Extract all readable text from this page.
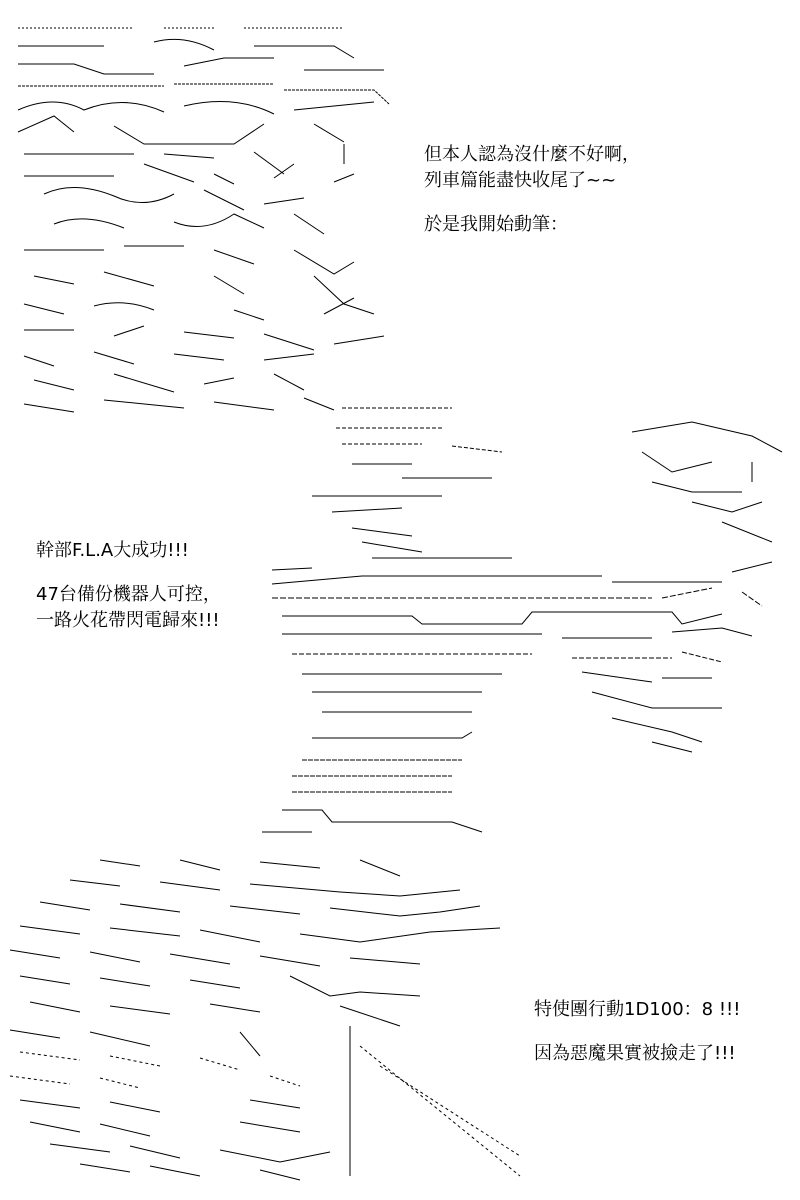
但本人認為沒什麼不好啊，
列車篇能盡快收尾了~~
於是我開始動筆：
幹部F.L.A大成功!!!
47台備份機器人可控，
一路火花帶閃電歸來!!!
特使團行動1D100：8 !!!
因為惡魔果實被撿走了!!!
